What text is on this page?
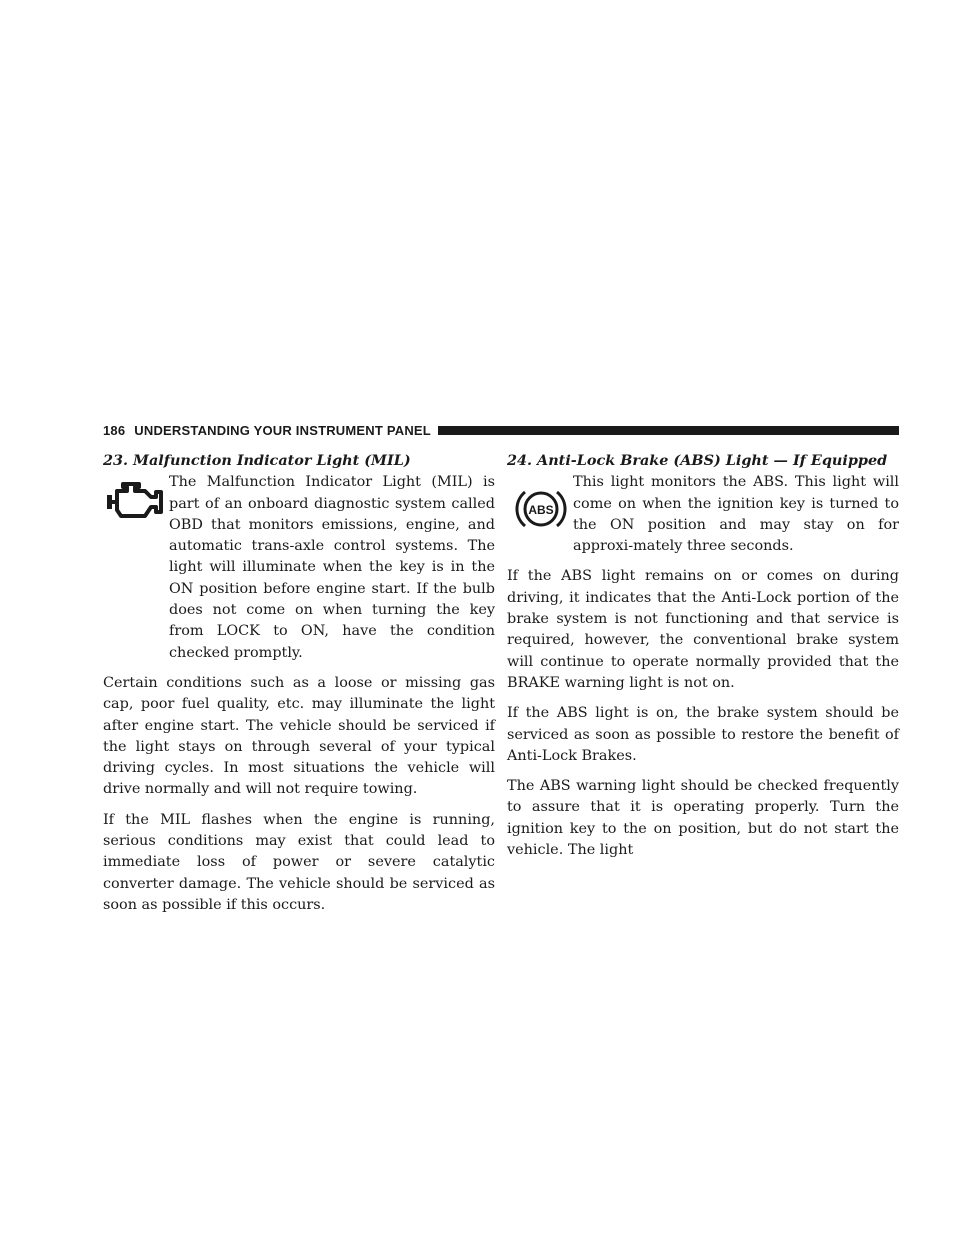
186 UNDERSTANDING YOUR INSTRUMENT PANEL
23. Malfunction Indicator Light (MIL)
The Malfunction Indicator Light (MIL) is part of an onboard diagnostic system called OBD that monitors emissions, engine, and automatic trans-axle control systems. The light will illuminate when the key is in the ON position before engine start. If the bulb does not come on when turning the key from LOCK to ON, have the condition checked promptly.

Certain conditions such as a loose or missing gas cap, poor fuel quality, etc. may illuminate the light after engine start. The vehicle should be serviced if the light stays on through several of your typical driving cycles. In most situations the vehicle will drive normally and will not require towing.

If the MIL flashes when the engine is running, serious conditions may exist that could lead to immediate loss of power or severe catalytic converter damage. The vehicle should be serviced as soon as possible if this occurs.

24. Anti-Lock Brake (ABS) Light — If Equipped
ABS
This light monitors the ABS. This light will come on when the ignition key is turned to the ON position and may stay on for approxi-mately three seconds.

If the ABS light remains on or comes on during driving, it indicates that the Anti-Lock portion of the brake system is not functioning and that service is required, however, the conventional brake system will continue to operate normally provided that the BRAKE warning light is not on.

If the ABS light is on, the brake system should be serviced as soon as possible to restore the benefit of Anti-Lock Brakes.

The ABS warning light should be checked frequently to assure that it is operating properly. Turn the ignition key to the on position, but do not start the vehicle. The light
